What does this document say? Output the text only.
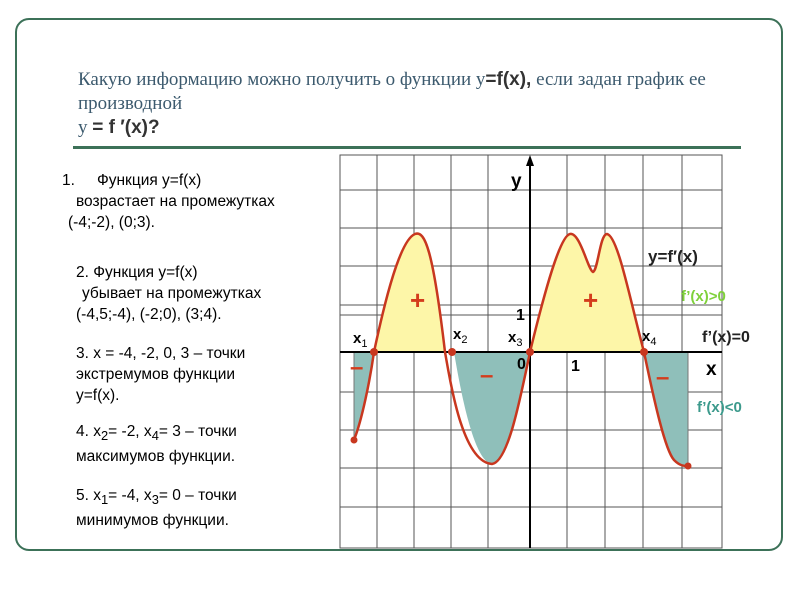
Какую информацию можно получить о функции у=f(x), если задан график ее производной
у = f ′(x)?

1. Функция y=f(x)
возрастает на промежутках
(-4;-2), (0;3).
2. Функция y=f(x)
убывает на промежутках
(-4,5;-4), (-2;0), (3;4).
3. х = -4, -2, 0, 3 – точки
экстремумов функции
y=f(x).
4. $x_2= -2$, $x_4= 3$ – точки
максимумов функции.
5. $x_1= -4$, $x_3= 0$ – точки
минимумов функции.
y
x
0	1
1
y=f′(x)
f’(x)>0
f’(x)=0
f’(x)<0
+	+
–	–	–
$x_1$
$x_2$	$x_3$	$x_4$
